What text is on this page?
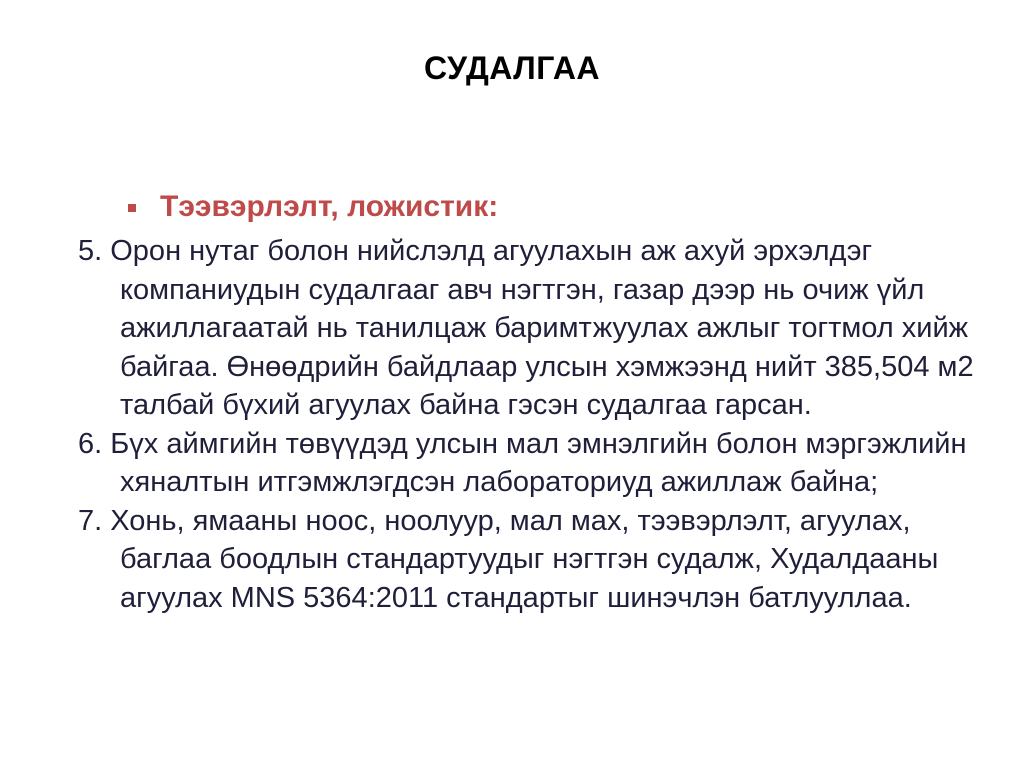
СУДАЛГАА
Тээвэрлэлт, ложистик:

5. Орон нутаг болон нийслэлд агуулахын аж ахуй эрхэлдэг компаниудын судалгааг авч нэгтгэн, газар дээр нь очиж үйл ажиллагаатай нь танилцаж баримтжуулах ажлыг тогтмол хийж байгаа. Өнөөдрийн байдлаар улсын хэмжээнд нийт 385,504 м2 талбай бүхий агуулах байна гэсэн судалгаа гарсан.

6. Бүх аймгийн төвүүдэд улсын мал эмнэлгийн болон мэргэжлийн хяналтын итгэмжлэгдсэн лабораториуд ажиллаж байна;

7. Хонь, ямааны ноос, ноолуур, мал мах, тээвэрлэлт, агуулах, баглаа боодлын стандартуудыг нэгтгэн судалж, Худалдааны агуулах MNS 5364:2011 стандартыг шинэчлэн батлууллаа.
